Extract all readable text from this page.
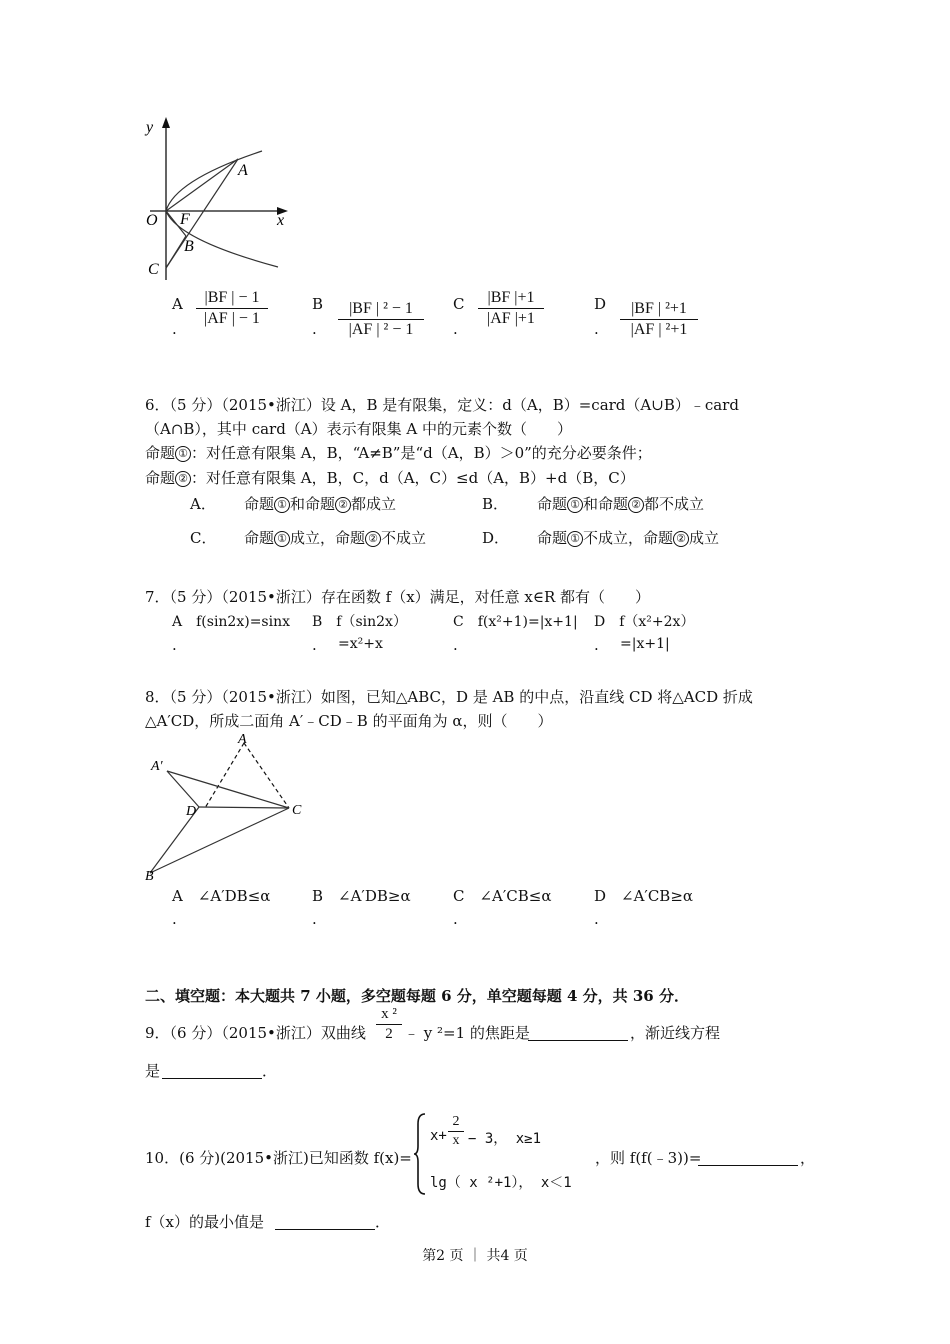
y
x
O F
A
B
C
A
.
|BF | − 1
|AF | − 1
B
.
|BF | ² − 1
|AF | ² − 1
C
.
|BF |+1
|AF |+1
D
.
|BF | ²+1
|AF | ²+1
6．（5 分）（2015•浙江）设 A，B 是有限集，定义：d（A，B）=card（A∪B）﹣card
（A∩B），其中 card（A）表示有限集 A 中的元素个数（　　）
命题 ① ：对任意有限集 A，B，“A≠B”是“d（A，B）＞0”的充分必要条件；
命题 ② ：对任意有限集 A，B，C，d（A，C）≤d（A，B）+d（B，C）
A． 命题 ① 和命题 ② 都成立	B． 命题 ① 和命题 ② 都不成立
C． 命题 ① 成立，命题 ② 不成立	D． 命题 ① 不成立，命题 ② 成立
7．（5 分）（2015•浙江）存在函数 f（x）满足，对任意 x∈R 都有（　　）
A　f(sin2x)=sinx
.
B　f（sin2x）
. =x²+x
C　f(x²+1)=|x+1|
.
D　f（x²+2x）
. =|x+1|
8．（5 分）（2015•浙江）如图，已知△ABC，D 是 AB 的中点，沿直线 CD 将△ACD 折成
△A′CD，所成二面角 A′﹣CD﹣B 的平面角为 α，则（　　）
A
A′
D	C
B
A　∠A′DB≤α
.
B　∠A′DB≥α
.
C　∠A′CB≤α
.
D　∠A′CB≥α
.
二、填空题：本大题共 7 小题，多空题每题 6 分，单空题每题 4 分，共 36 分．
9．（6 分）（2015•浙江）双曲线
x ²
2 ﹣ y ²=1 的焦距是	，渐近线方程
是	．
10．(6 分)(2015•浙江)已知函数 f(x)=
x+
2
x − 3， x≥1
lg（ x ²+1）， x＜1
，则 f(f(﹣3))=	，
f（x）的最小值是	．
第2 页 ｜ 共4 页
